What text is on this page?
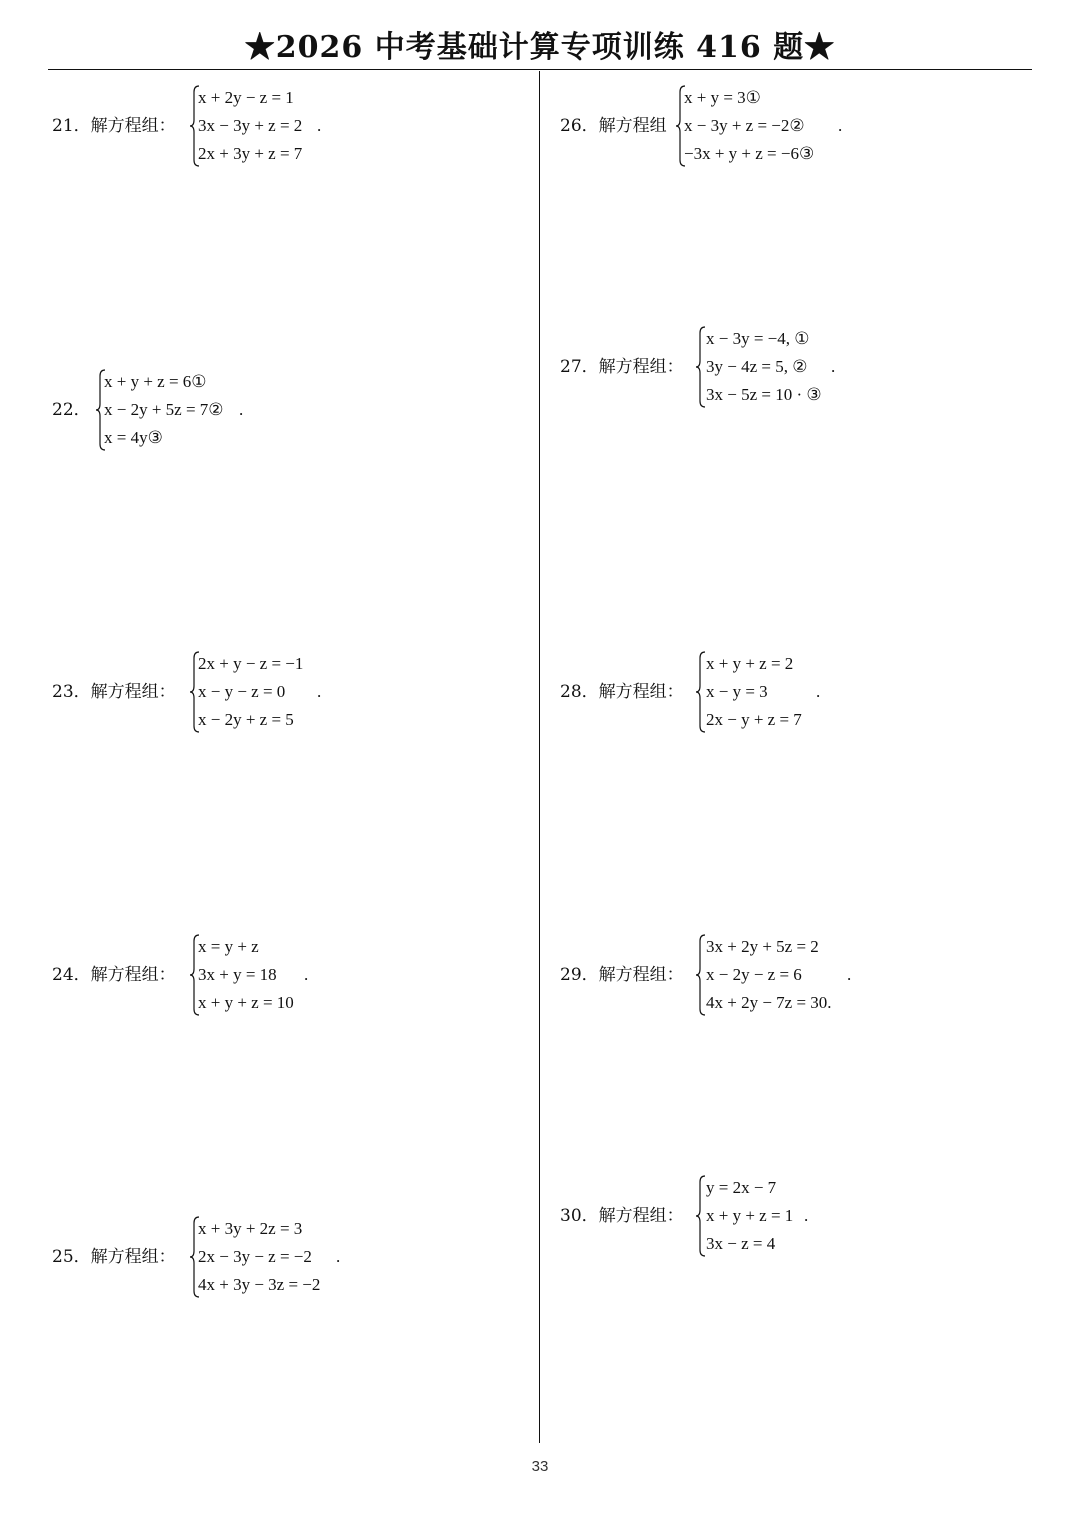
★2026 中考基础计算专项训练 416 题★
21．解方程组：
x + 2y − z = 1
3x − 3y + z = 2
2x + 3y + z = 7
.
22．
x + y + z = 6①
x − 2y + 5z = 7②
x = 4y③
.
23．解方程组：
2x + y − z = −1
x − y − z = 0
x − 2y + z = 5
.
24．解方程组：
x = y + z
3x + y = 18
x + y + z = 10
.
25．解方程组：
x + 3y + 2z = 3
2x − 3y − z = −2
4x + 3y − 3z = −2
.
26．解方程组
x + y = 3①
x − 3y + z = −2②
−3x + y + z = −6③
.
27．解方程组：
x − 3y = −4, ①
3y − 4z = 5, ②
3x − 5z = 10 · ③
.
28．解方程组：
x + y + z = 2
x − y = 3
2x − y + z = 7
.
29．解方程组：
3x + 2y + 5z = 2
x − 2y − z = 6
4x + 2y − 7z = 30.
.
30．解方程组：
y = 2x − 7
x + y + z = 1
3x − z = 4
.
33
